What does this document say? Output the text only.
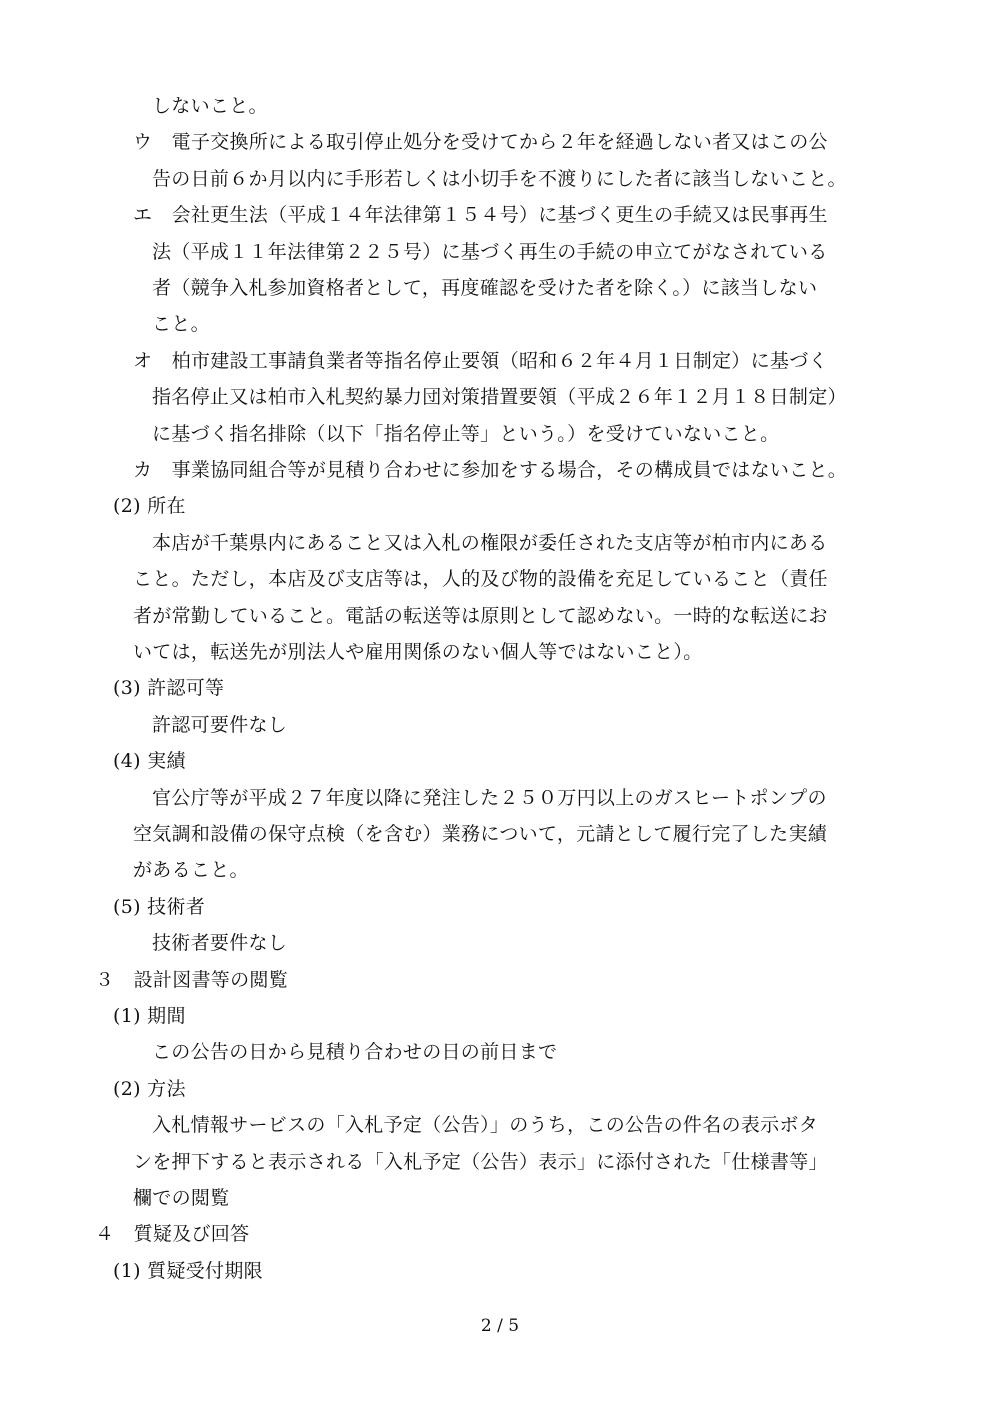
しないこと。
ウ　電子交換所による取引停止処分を受けてから２年を経過しない者又はこの公
告の日前６か月以内に手形若しくは小切手を不渡りにした者に該当しないこと。
エ　会社更生法（平成１４年法律第１５４号）に基づく更生の手続又は民事再生
法（平成１１年法律第２２５号）に基づく再生の手続の申立てがなされている
者（競争入札参加資格者として，再度確認を受けた者を除く。）に該当しない
こと。
オ　柏市建設工事請負業者等指名停止要領（昭和６２年４月１日制定）に基づく
指名停止又は柏市入札契約暴力団対策措置要領（平成２６年１２月１８日制定）
に基づく指名排除（以下「指名停止等」という。）を受けていないこと。
カ　事業協同組合等が見積り合わせに参加をする場合，その構成員ではないこと。
(2) 所在
本店が千葉県内にあること又は入札の権限が委任された支店等が柏市内にある
こと。ただし，本店及び支店等は，人的及び物的設備を充足していること（責任
者が常勤していること。電話の転送等は原則として認めない。一時的な転送にお
いては，転送先が別法人や雇用関係のない個人等ではないこと）。
(3) 許認可等
許認可要件なし
(4) 実績
官公庁等が平成２７年度以降に発注した２５０万円以上のガスヒートポンプの
空気調和設備の保守点検（を含む）業務について，元請として履行完了した実績
があること。
(5) 技術者
技術者要件なし
３　設計図書等の閲覧
(1) 期間
この公告の日から見積り合わせの日の前日まで
(2) 方法
入札情報サービスの「入札予定（公告）」のうち，この公告の件名の表示ボタ
ンを押下すると表示される「入札予定（公告）表示」に添付された「仕様書等」
欄での閲覧
４　質疑及び回答
(1) 質疑受付期限
2 / 5
